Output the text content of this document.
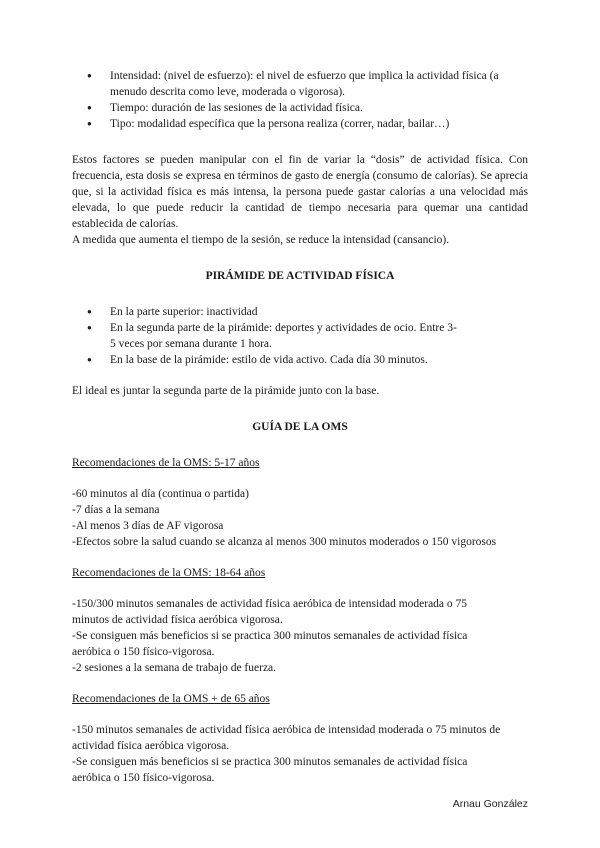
● Intensidad: (nivel de esfuerzo): el nivel de esfuerzo que implica la actividad física (a menudo descrita como leve, moderada o vigorosa).
● Tiempo: duración de las sesiones de la actividad física.
● Tipo: modalidad específica que la persona realiza (correr, nadar, bailar…)
Estos factores se pueden manipular con el fin de variar la “dosis” de actividad física. Con frecuencia, esta dosis se expresa en términos de gasto de energía (consumo de calorías). Se aprecia que, si la actividad física es más intensa, la persona puede gastar calorías a una velocidad más elevada, lo que puede reducir la cantidad de tiempo necesaria para quemar una cantidad establecida de calorías.
A medida que aumenta el tiempo de la sesión, se reduce la intensidad (cansancio).
PIRÁMIDE DE ACTIVIDAD FÍSICA
● En la parte superior: inactividad
● En la segunda parte de la pirámide: deportes y actividades de ocio. Entre 3-5 veces por semana durante 1 hora.
● En la base de la pirámide: estilo de vida activo. Cada día 30 minutos.
El ideal es juntar la segunda parte de la pirámide junto con la base.
GUÍA DE LA OMS
Recomendaciones de la OMS: 5-17 años
-60 minutos al día (continua o partida)
-7 días a la semana
-Al menos 3 días de AF vigorosa
-Efectos sobre la salud cuando se alcanza al menos 300 minutos moderados o 150 vigorosos
Recomendaciones de la OMS: 18-64 años
-150/300 minutos semanales de actividad física aeróbica de intensidad moderada o 75 minutos de actividad física aeróbica vigorosa.
-Se consiguen más beneficios si se practica 300 minutos semanales de actividad física aeróbica o 150 físico-vigorosa.
-2 sesiones a la semana de trabajo de fuerza.
Recomendaciones de la OMS + de 65 años
-150 minutos semanales de actividad física aeróbica de intensidad moderada o 75 minutos de actividad física aeróbica vigorosa.
-Se consiguen más beneficios si se practica 300 minutos semanales de actividad física aeróbica o 150 físico-vigorosa.
Arnau González
